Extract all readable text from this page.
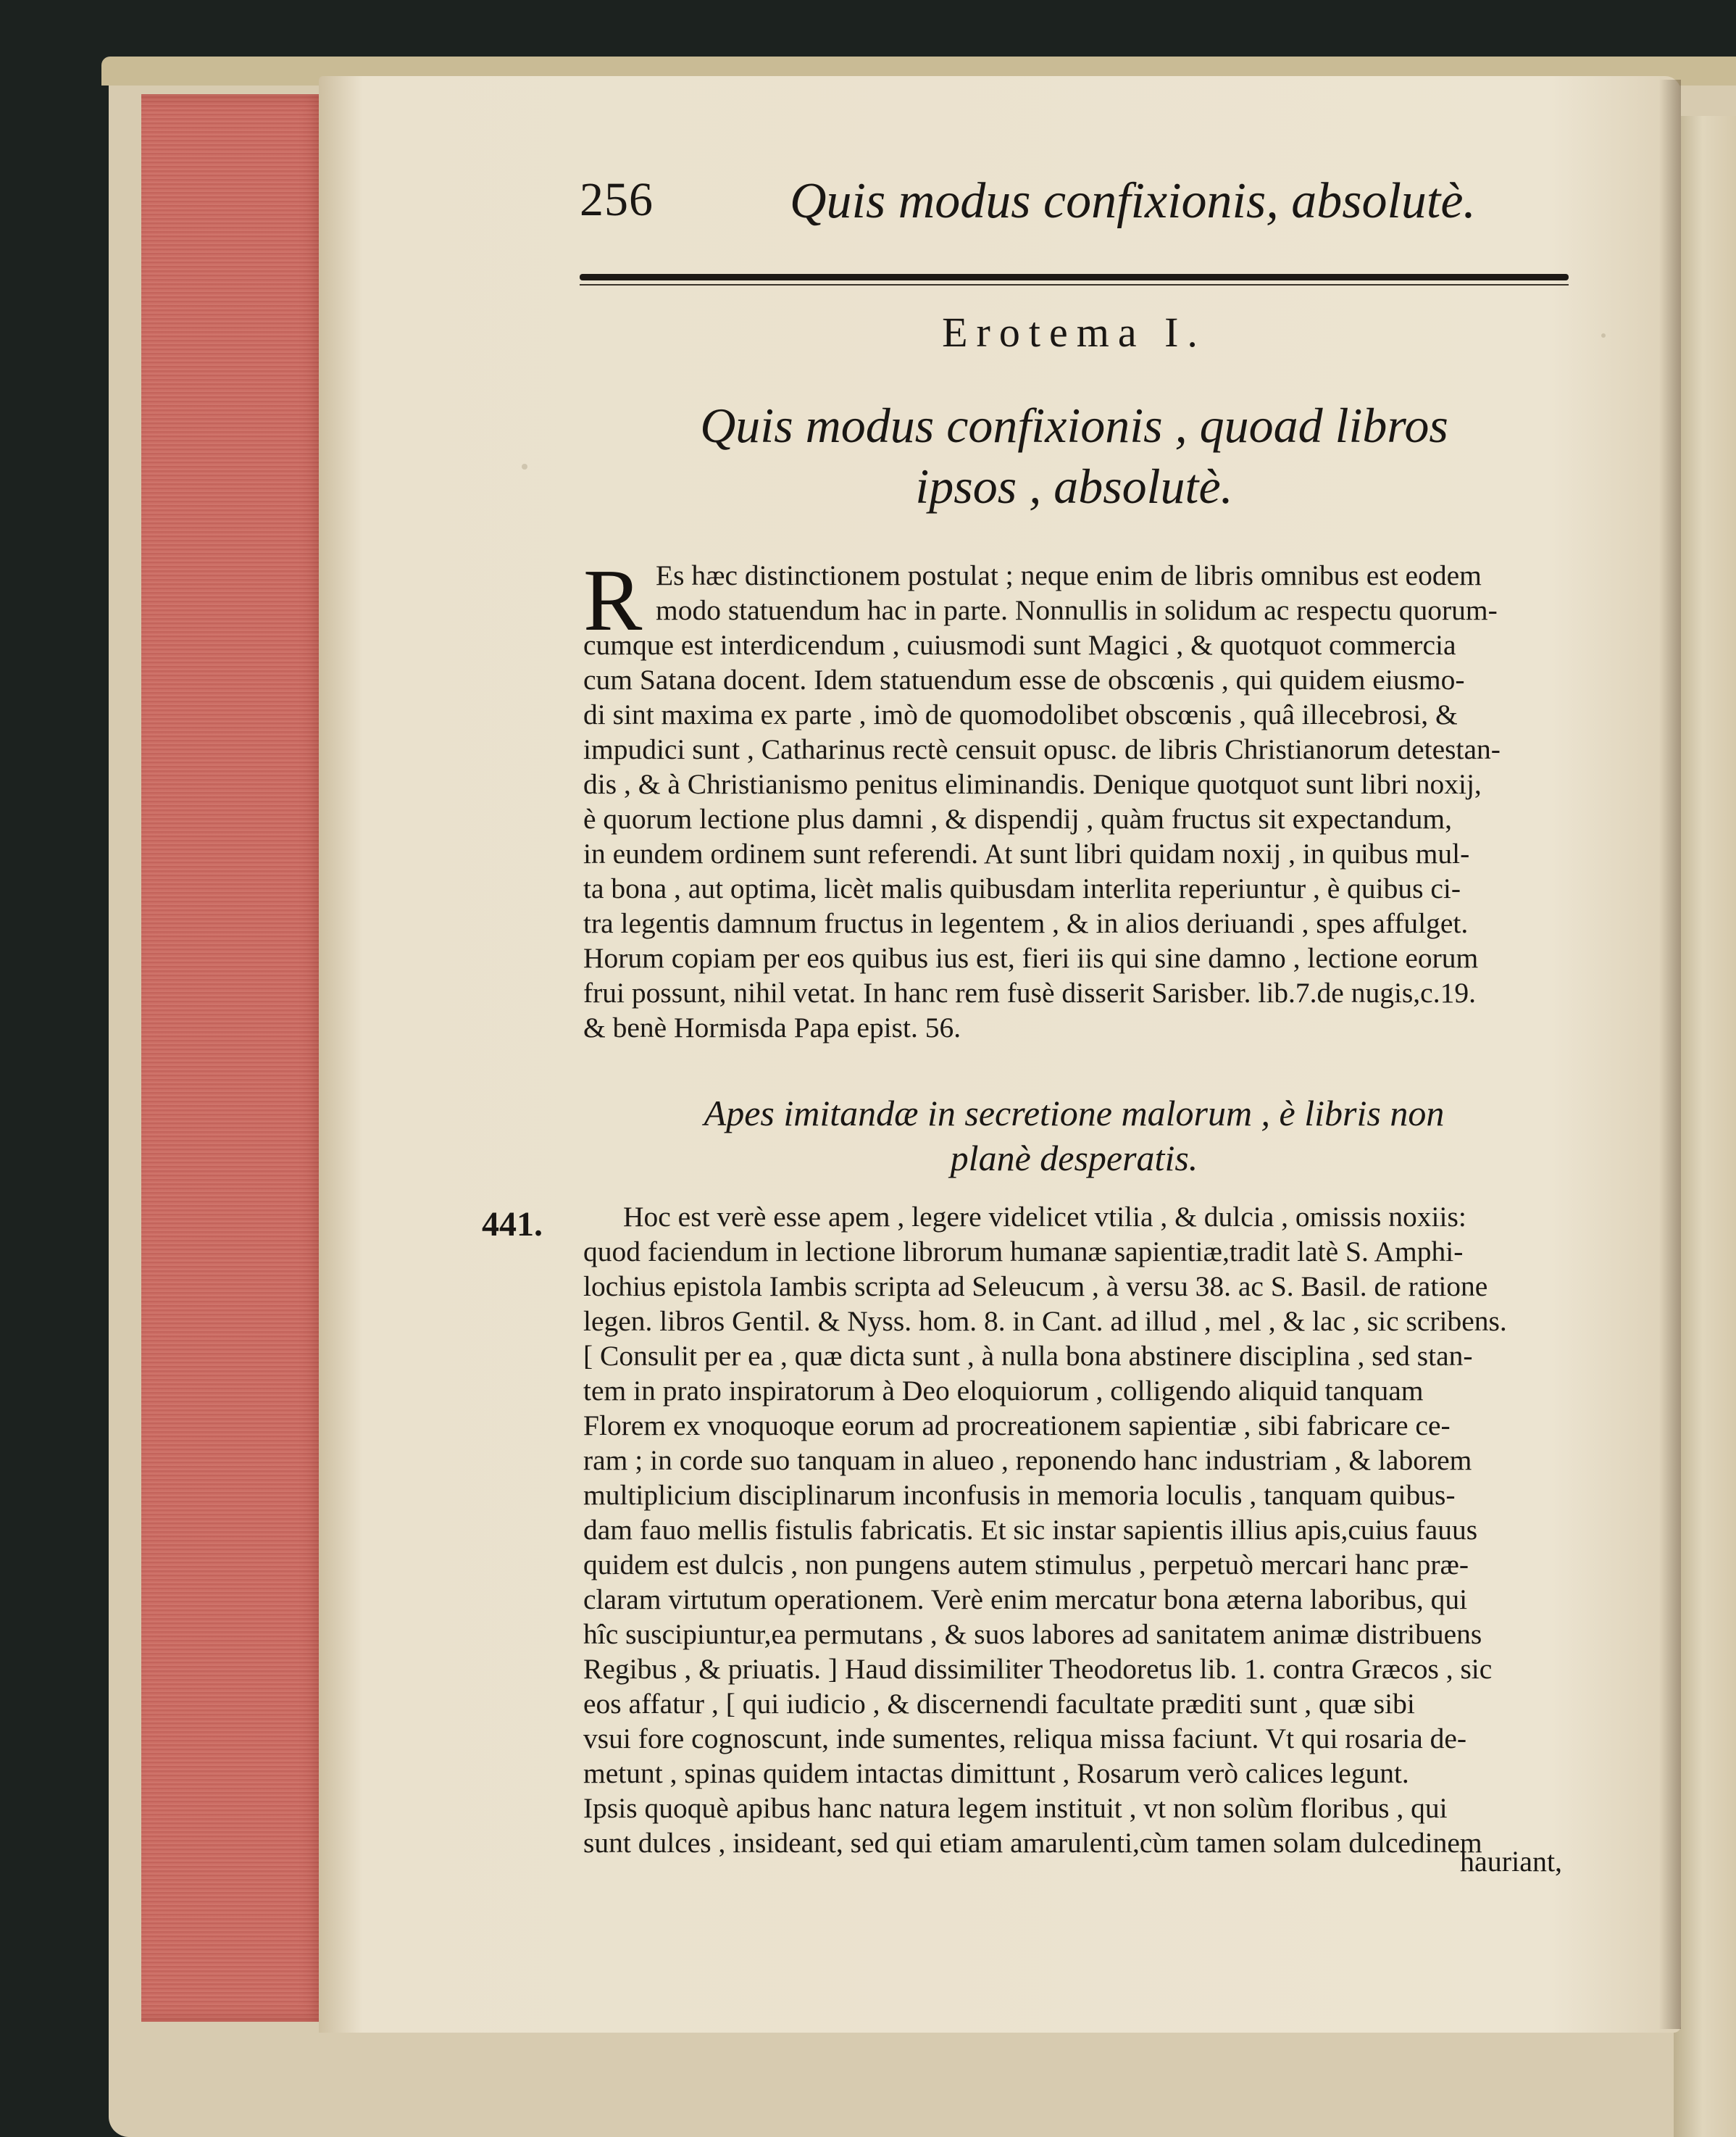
256	Quis modus confixionis, absolutè.
Erotema I.
Quis modus confixionis , quoad libros
ipsos , absolutè.
R Es hæc distinctionem postulat ; neque enim de libris omnibus est eodem
modo statuendum hac in parte. Nonnullis in solidum ac respectu quorum-
cumque est interdicendum , cuiusmodi sunt Magici , & quotquot commercia
cum Satana docent. Idem statuendum esse de obscœnis , qui quidem eiusmo-
di sint maxima ex parte , imò de quomodolibet obscœnis , quâ illecebrosi, &
impudici sunt , Catharinus rectè censuit opusc. de libris Christianorum detestan-
dis , & à Christianismo penitus eliminandis. Denique quotquot sunt libri noxij,
è quorum lectione plus damni , & dispendij , quàm fructus sit expectandum,
in eundem ordinem sunt referendi. At sunt libri quidam noxij , in quibus mul-
ta bona , aut optima, licèt malis quibusdam interlita reperiuntur , è quibus ci-
tra legentis damnum fructus in legentem , & in alios deriuandi , spes affulget.
Horum copiam per eos quibus ius est, fieri iis qui sine damno , lectione eorum
frui possunt, nihil vetat. In hanc rem fusè disserit Sarisber. lib.7.de nugis,c.19.
& benè Hormisda Papa epist. 56.
Apes imitandæ in secretione malorum , è libris non
planè desperatis.
441.	Hoc est verè esse apem , legere videlicet vtilia , & dulcia , omissis noxiis:
quod faciendum in lectione librorum humanæ sapientiæ,tradit latè S. Amphi-
lochius epistola Iambis scripta ad Seleucum , à versu 38. ac S. Basil. de ratione
legen. libros Gentil. & Nyss. hom. 8. in Cant. ad illud , mel , & lac , sic scribens.
[ Consulit per ea , quæ dicta sunt , à nulla bona abstinere disciplina , sed stan-
tem in prato inspiratorum à Deo eloquiorum , colligendo aliquid tanquam
Florem ex vnoquoque eorum ad procreationem sapientiæ , sibi fabricare ce-
ram ; in corde suo tanquam in alueo , reponendo hanc industriam , & laborem
multiplicium disciplinarum inconfusis in memoria loculis , tanquam quibus-
dam fauo mellis fistulis fabricatis. Et sic instar sapientis illius apis,cuius fauus
quidem est dulcis , non pungens autem stimulus , perpetuò mercari hanc præ-
claram virtutum operationem. Verè enim mercatur bona æterna laboribus, qui
hîc suscipiuntur,ea permutans , & suos labores ad sanitatem animæ distribuens
Regibus , & priuatis. ] Haud dissimiliter Theodoretus lib. 1. contra Græcos , sic
eos affatur , [ qui iudicio , & discernendi facultate præditi sunt , quæ sibi
vsui fore cognoscunt, inde sumentes, reliqua missa faciunt. Vt qui rosaria de-
metunt , spinas quidem intactas dimittunt , Rosarum verò calices legunt.
Ipsis quoquè apibus hanc natura legem instituit , vt non solùm floribus , qui
sunt dulces , insideant, sed qui etiam amarulenti,cùm tamen solam dulcedinem
hauriant,
